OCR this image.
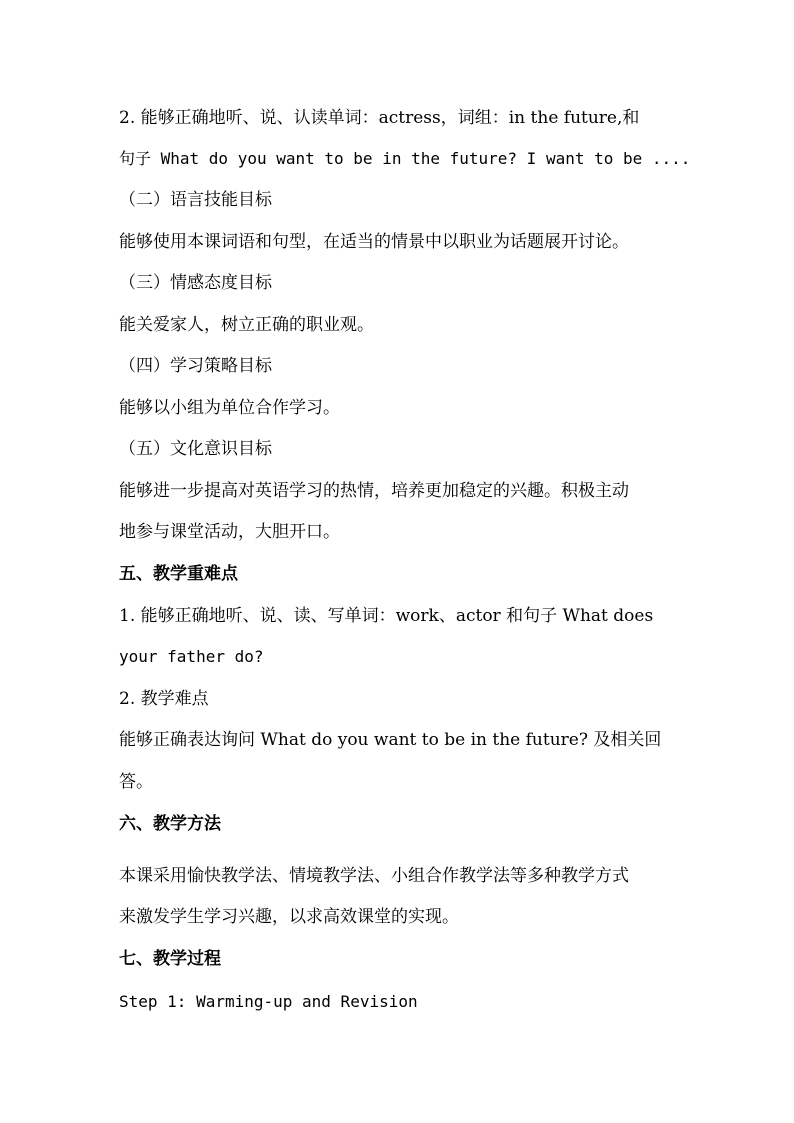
2. 能够正确地听、说、认读单词：actress，词组：in the future,和
句子 What do you want to be in the future? I want to be ....
（二）语言技能目标
能够使用本课词语和句型，在适当的情景中以职业为话题展开讨论。
（三）情感态度目标
能关爱家人，树立正确的职业观。
（四）学习策略目标
能够以小组为单位合作学习。
（五）文化意识目标
能够进一步提高对英语学习的热情，培养更加稳定的兴趣。积极主动
地参与课堂活动，大胆开口。
五、教学重难点
1. 能够正确地听、说、读、写单词：work、actor 和句子 What does
your father do?
2. 教学难点
能够正确表达询问 What do you want to be in the future? 及相关回
答。
六、教学方法
本课采用愉快教学法、情境教学法、小组合作教学法等多种教学方式
来激发学生学习兴趣，以求高效课堂的实现。
七、教学过程
Step 1: Warming-up and Revision
